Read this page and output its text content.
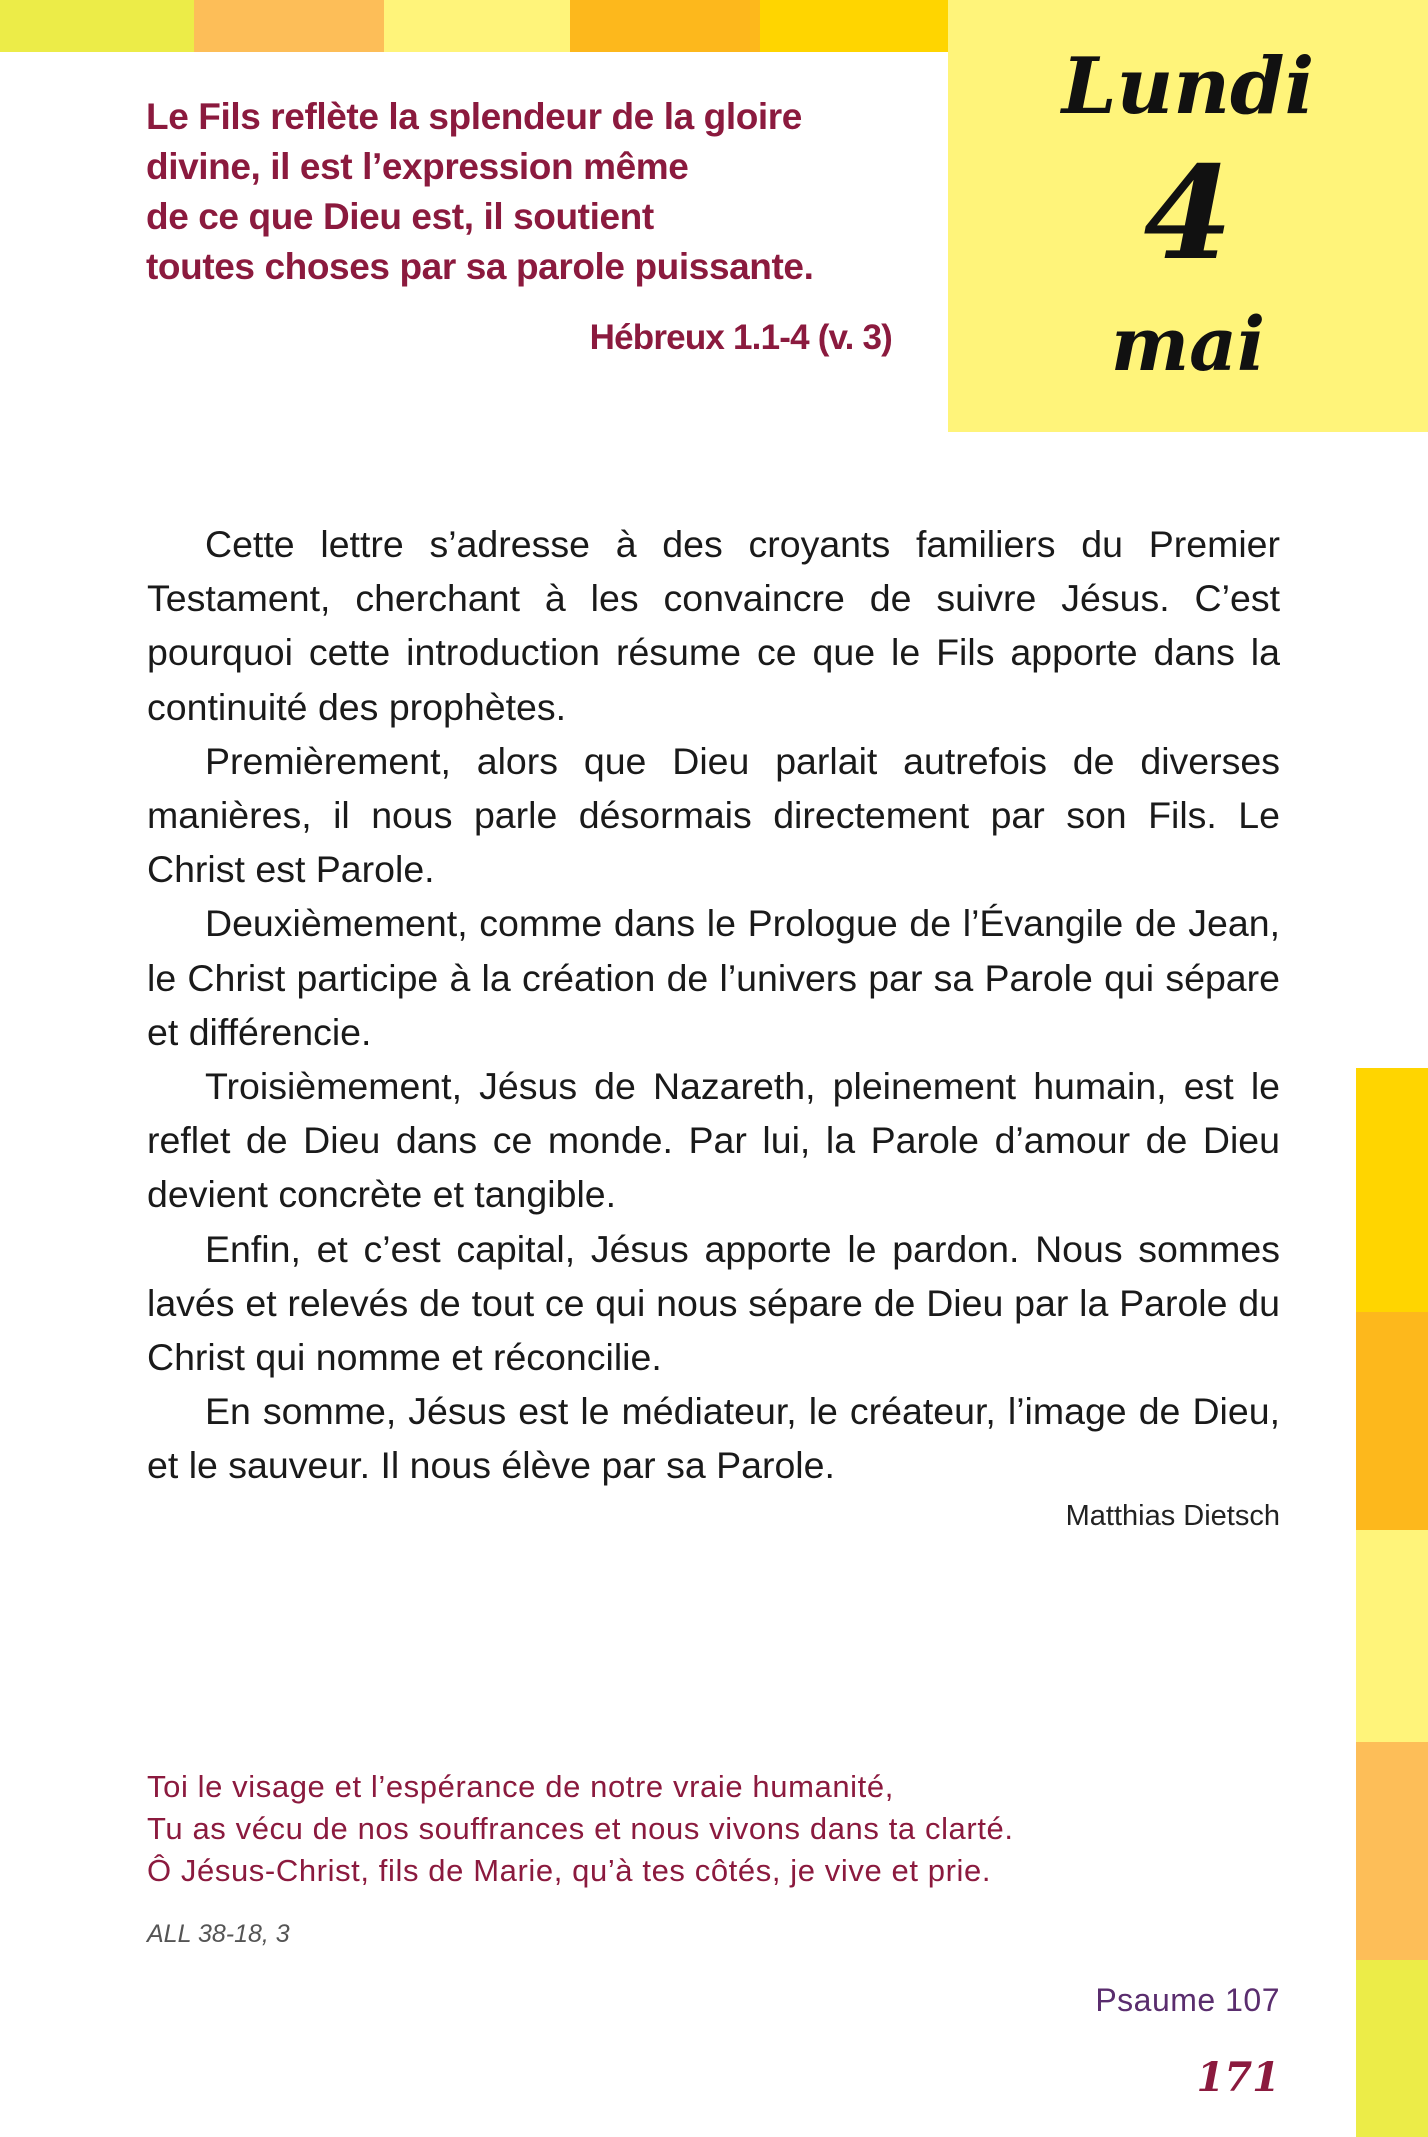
Lundi
4
mai
Le Fils reflète la splendeur de la gloire
divine, il est l’expression même
de ce que Dieu est, il soutient
toutes choses par sa parole puissante.
Hébreux 1.1-4 (v. 3)

Cette lettre s’adresse à des croyants familiers du Premier Testament, cherchant à les convaincre de suivre Jésus. C’est pourquoi cette introduction résume ce que le Fils apporte dans la continuité des prophètes.

Premièrement, alors que Dieu parlait autrefois de diverses manières, il nous parle désormais directement par son Fils. Le Christ est Parole.

Deuxièmement, comme dans le Prologue de l’Évangile de Jean, le Christ participe à la création de l’univers par sa Parole qui sépare et différencie.

Troisièmement, Jésus de Nazareth, pleinement humain, est le reflet de Dieu dans ce monde. Par lui, la Parole d’amour de Dieu devient concrète et tangible.

Enfin, et c’est capital, Jésus apporte le pardon. Nous sommes lavés et relevés de tout ce qui nous sépare de Dieu par la Parole du Christ qui nomme et réconcilie.

En somme, Jésus est le médiateur, le créateur, l’image de Dieu, et le sauveur. Il nous élève par sa Parole.

Matthias Dietsch
Toi le visage et l’espérance de notre vraie humanité,
Tu as vécu de nos souffrances et nous vivons dans ta clarté.
Ô Jésus-Christ, fils de Marie, qu’à tes côtés, je vive et prie.
ALL 38-18, 3
Psaume 107
171
